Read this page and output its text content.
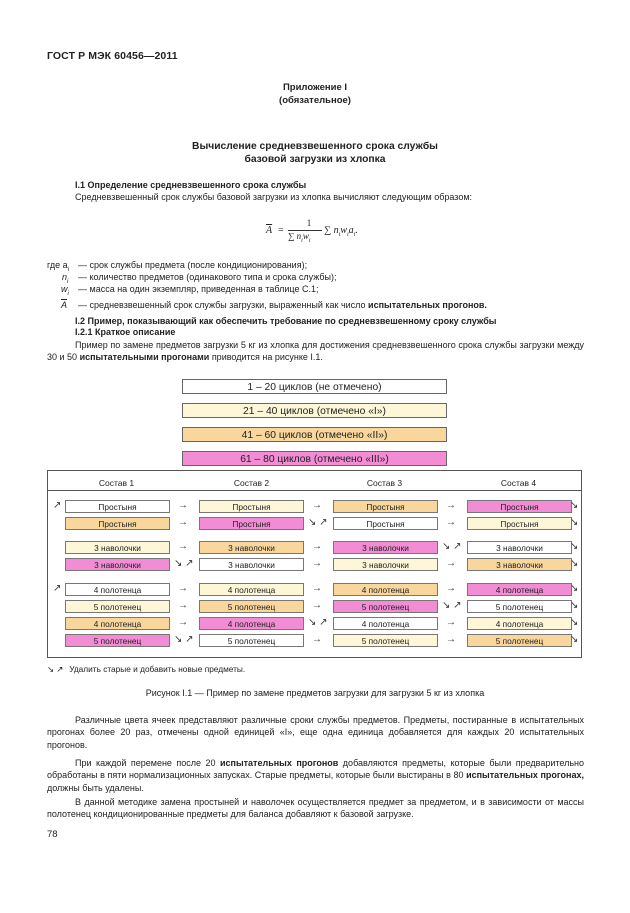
ГОСТ Р МЭК 60456—2011
Приложение I
(обязательное)
Вычисление средневзвешенного срока службы
базовой загрузки из хлопка
I.1 Определение средневзвешенного срока службы
Средневзвешенный срок службы базовой загрузки из хлопка вычисляют следующим образом:
$\overline{A}$ =
1
∑ $n_iw_i$
∑ $n_iw_ia_i$.
где $a_i$ — срок службы предмета (после кондиционирования);
$n_i$ — количество предметов (одинакового типа и срока службы);
$w_i$ — масса на один экземпляр, приведенная в таблице С.1;
$\overline{A}$ — средневзвешенный срок службы загрузки, выраженный как число испытательных прогонов.
I.2 Пример, показывающий как обеспечить требование по средневзвешенному сроку службы
I.2.1 Краткое описание
Пример по замене предметов загрузки 5 кг из хлопка для достижения средневзвешенного срока службы загрузки между 30 и 50 испытательными прогонами приводится на рисунке I.1.
1 – 20 циклов (не отмечено)
21 – 40 циклов (отмечено «I»)
41 – 60 циклов (отмечено «II»)
61 – 80 циклов (отмечено «III»)
Состав 1	Состав 2	Состав 3	Состав 4
Простыня	Простыня	Простыня	Простыня
→	→	→
↗	↘
Простыня	Простыня	Простыня	Простыня
→	↘ ↗	→	↘
3 наволочки	3 наволочки	3 наволочки	3 наволочки
→	→	↘ ↗	↘
3 наволочки	3 наволочки	3 наволочки	3 наволочки
↘ ↗	→	→	↘
4 полотенца	4 полотенца	4 полотенца	4 полотенца
→	→	→
↗	↘
5 полотенец	5 полотенец	5 полотенец	5 полотенец
→	→	↘ ↗	↘
4 полотенца	4 полотенца	4 полотенца	4 полотенца
→	↘ ↗	→	↘
5 полотенец	5 полотенец	5 полотенец	5 полотенец
↘ ↗	→	→	↘
↘ ↗ Удалить старые и добавить новые предметы.
Рисунок I.1 — Пример по замене предметов загрузки для загрузки 5 кг из хлопка
Различные цвета ячеек представляют различные сроки службы предметов. Предметы, постиранные в испытательных прогонах более 20 раз, отмечены одной единицей «I», еще одна единица добавляется для каждых 20 испытательных прогонов.
При каждой перемене после 20 испытательных прогонов добавляются предметы, которые были предварительно обработаны в пяти нормализационных запусках. Старые предметы, которые были выстираны в 80 испытательных прогонах, должны быть удалены.
В данной методике замена простыней и наволочек осуществляется предмет за предметом, и в зависимости от массы полотенец кондиционированные предметы для баланса добавляют к базовой загрузке.
78
